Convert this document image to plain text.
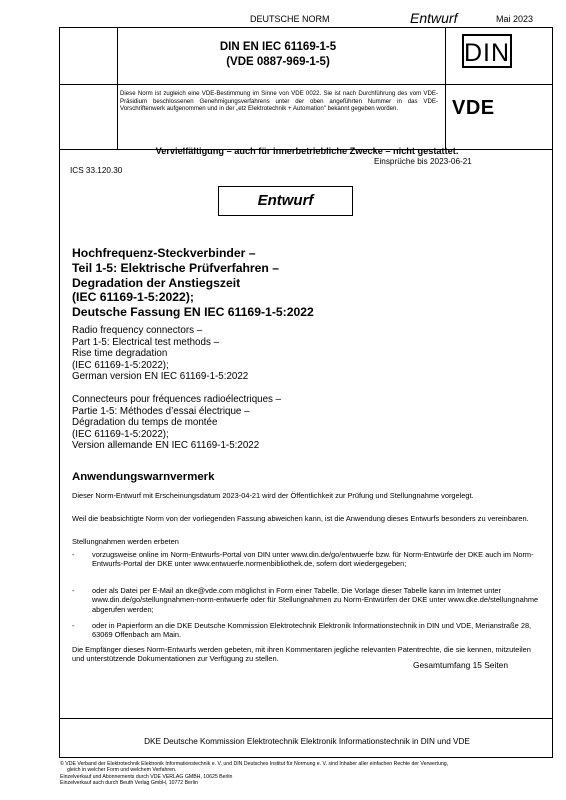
DEUTSCHE NORM	Entwurf	Mai 2023
DIN EN IEC 61169-1-5
(VDE 0887-969-1-5)	DIN
Diese Norm ist zugleich eine VDE-Bestimmung im Sinne von VDE 0022. Sie ist nach Durchführung des vom VDE-Präsidium beschlossenen Genehmigungsverfahrens unter der oben angeführten Nummer in das VDE-Vorschriftenwerk aufgenommen und in der „etz Elektrotechnik + Automation" bekannt gegeben worden.	VDE
Vervielfältigung – auch für innerbetriebliche Zwecke – nicht gestattet.
Einsprüche bis 2023-06-21
ICS 33.120.30
Entwurf
Hochfrequenz-Steckverbinder –
Teil 1-5: Elektrische Prüfverfahren –
Degradation der Anstiegszeit
(IEC 61169-1-5:2022);
Deutsche Fassung EN IEC 61169-1-5:2022
Radio frequency connectors –
Part 1-5: Electrical test methods –
Rise time degradation
(IEC 61169-1-5:2022);
German version EN IEC 61169-1-5:2022
Connecteurs pour fréquences radioélectriques –
Partie 1-5: Méthodes d’essai électrique –
Dégradation du temps de montée
(IEC 61169-1-5:2022);
Version allemande EN IEC 61169-1-5:2022
Anwendungswarnvermerk
Dieser Norm-Entwurf mit Erscheinungsdatum 2023-04-21 wird der Öffentlichkeit zur Prüfung und Stellungnahme vorgelegt.
Weil die beabsichtigte Norm von der vorliegenden Fassung abweichen kann, ist die Anwendung dieses Entwurfs besonders zu vereinbaren.
Stellungnahmen werden erbeten
- vorzugsweise online im Norm-Entwurfs-Portal von DIN unter www.din.de/go/entwuerfe bzw. für Norm-Entwürfe der DKE auch im Norm-Entwurfs-Portal der DKE unter www.entwuerfe.normenbibliothek.de, sofern dort wiedergegeben;
- oder als Datei per E-Mail an dke@vde.com möglichst in Form einer Tabelle. Die Vorlage dieser Tabelle kann im Internet unter www.din.de/go/stellungnahmen-norm-entwuerfe oder für Stellungnahmen zu Norm-Entwürfen der DKE unter www.dke.de/stellungnahme abgerufen werden;
- oder in Papierform an die DKE Deutsche Kommission Elektrotechnik Elektronik Informationstechnik in DIN und VDE, Merianstraße 28, 63069 Offenbach am Main.
Die Empfänger dieses Norm-Entwurfs werden gebeten, mit ihren Kommentaren jegliche relevanten Patentrechte, die sie kennen, mitzuteilen und unterstützende Dokumentationen zur Verfügung zu stellen.
Gesamtumfang 15 Seiten
DKE Deutsche Kommission Elektrotechnik Elektronik Informationstechnik in DIN und VDE
© VDE Verband der Elektrotechnik Elektronik Informationstechnik e. V. und DIN Deutsches Institut für Normung e. V. sind Inhaber aller einfachen Rechte der Verwertung,
gleich in welcher Form und welchem Verfahren.
Einzelverkauf und Abonnements durch VDE VERLAG GMBH, 10625 Berlin
Einzelverkauf auch durch Beuth Verlag GmbH, 10772 Berlin
